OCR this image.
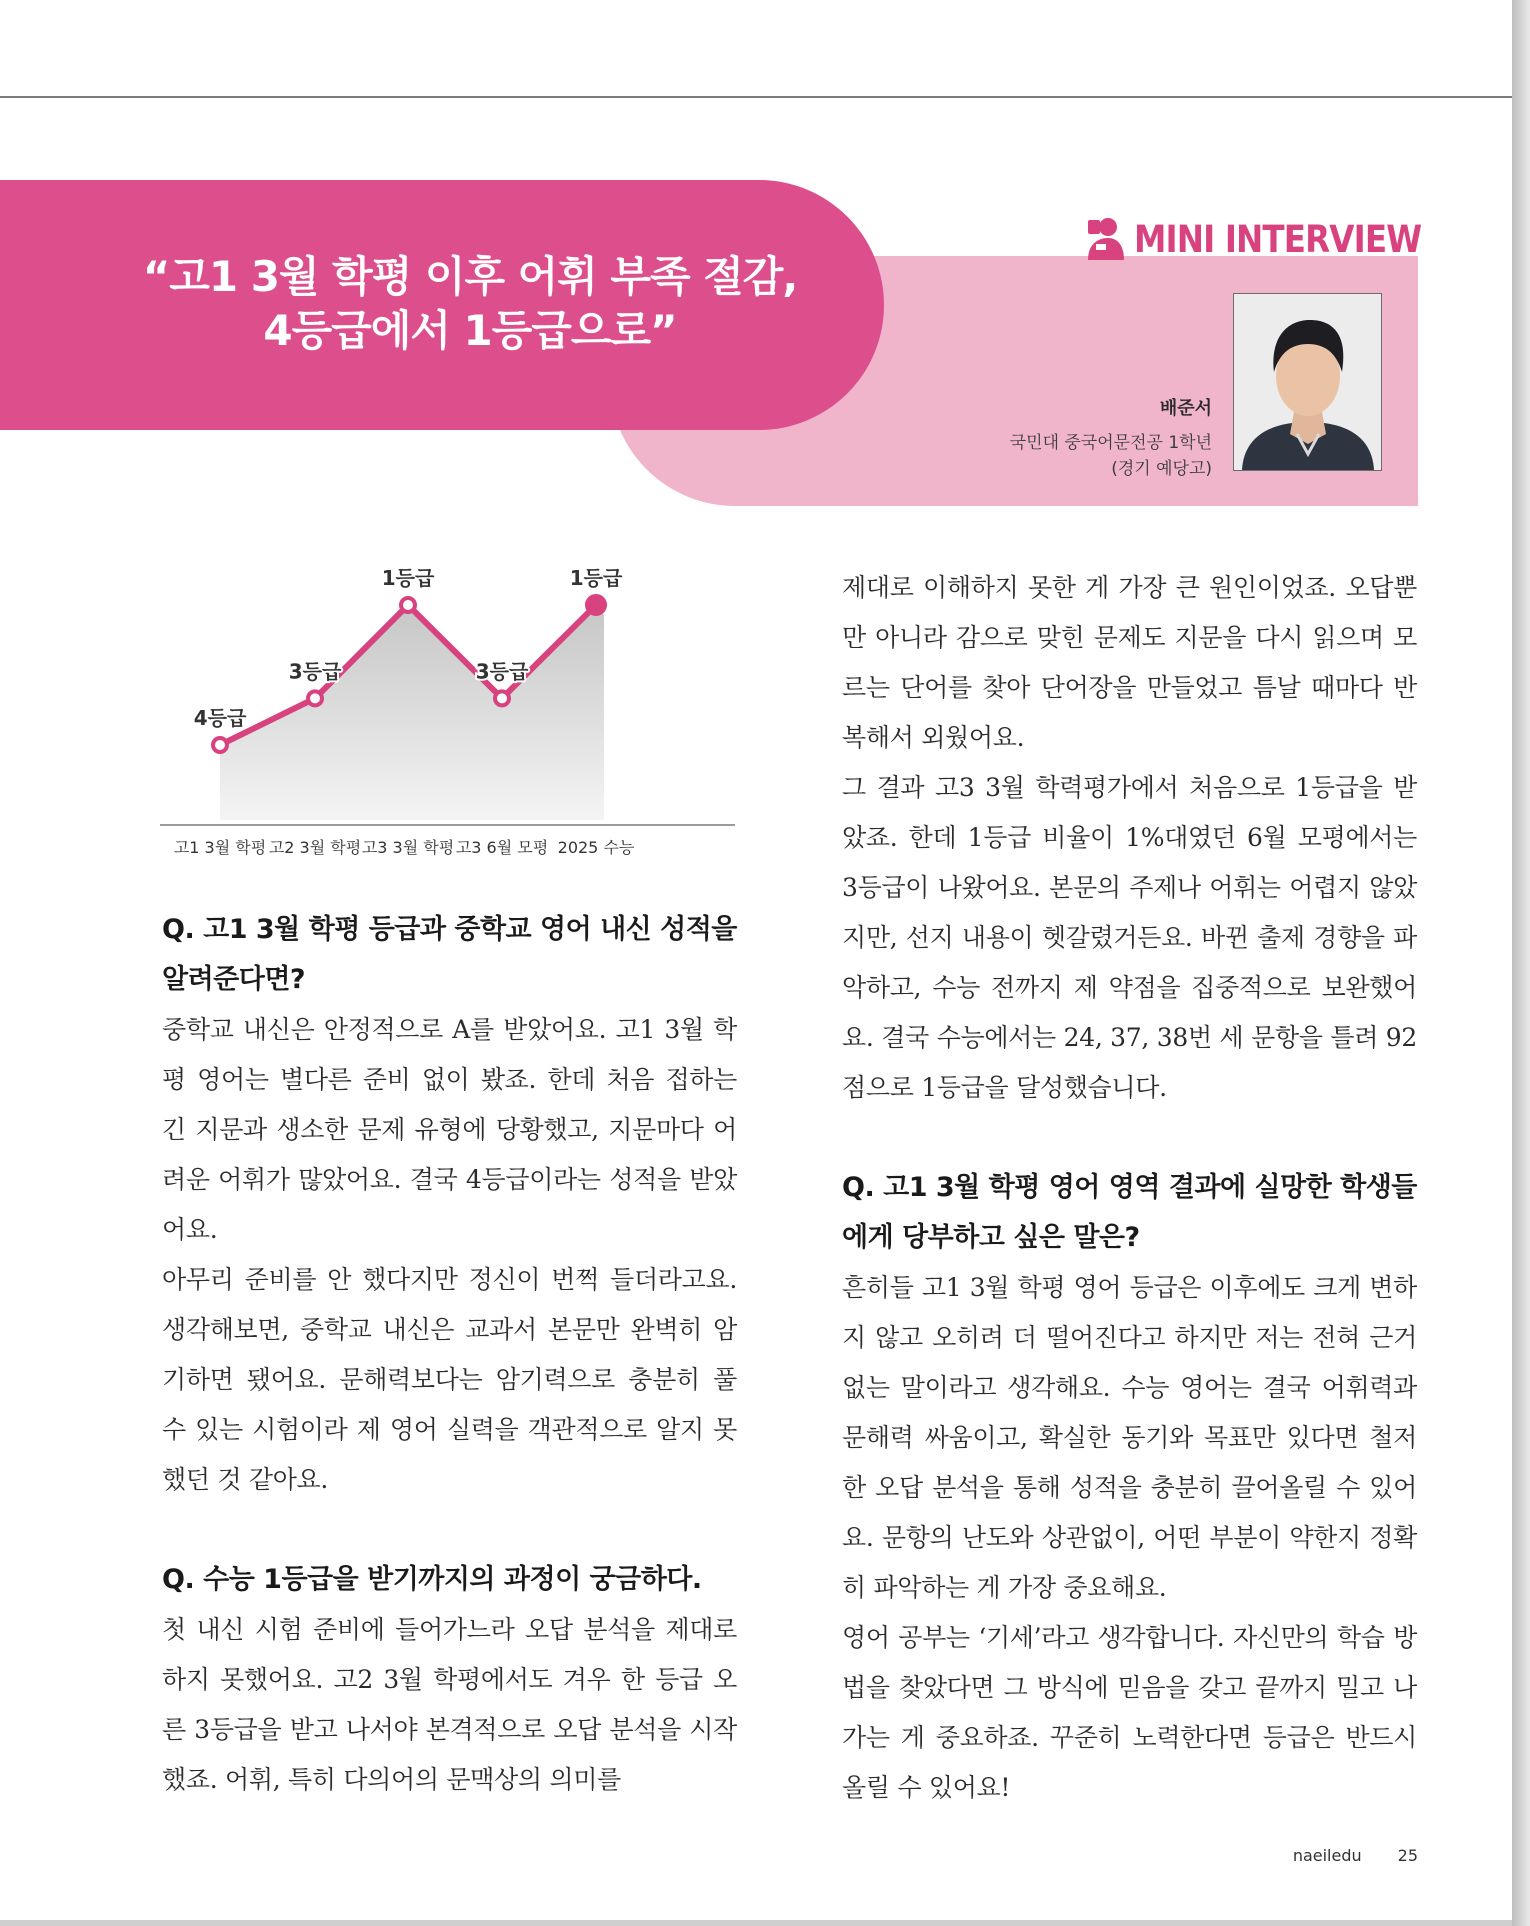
“고1 3월 학평 이후 어휘 부족 절감,
4등급에서 1등급으로”
MINI INTERVIEW
배준서
국민대 중국어문전공 1학년
(경기 예당고)
4등급
고1 3월 학평
3등급
고2 3월 학평
1등급
고3 3월 학평
3등급
고3 6월 모평
1등급
2025 수능

Q. 고1 3월 학평 등급과 중학교 영어 내신 성적을 알려준다면?

중학교 내신은 안정적으로 A를 받았어요. 고1 3월 학평 영어는 별다른 준비 없이 봤죠. 한데 처음 접하는 긴 지문과 생소한 문제 유형에 당황했고, 지문마다 어려운 어휘가 많았어요. 결국 4등급이라는 성적을 받았어요.

아무리 준비를 안 했다지만 정신이 번쩍 들더라고요. 생각해보면, 중학교 내신은 교과서 본문만 완벽히 암기하면 됐어요. 문해력보다는 암기력으로 충분히 풀 수 있는 시험이라 제 영어 실력을 객관적으로 알지 못했던 것 같아요.

Q. 수능 1등급을 받기까지의 과정이 궁금하다.

첫 내신 시험 준비에 들어가느라 오답 분석을 제대로 하지 못했어요. 고2 3월 학평에서도 겨우 한 등급 오른 3등급을 받고 나서야 본격적으로 오답 분석을 시작했죠. 어휘, 특히 다의어의 문맥상의 의미를

제대로 이해하지 못한 게 가장 큰 원인이었죠. 오답뿐만 아니라 감으로 맞힌 문제도 지문을 다시 읽으며 모르는 단어를 찾아 단어장을 만들었고 틈날 때마다 반복해서 외웠어요.

그 결과 고3 3월 학력평가에서 처음으로 1등급을 받았죠. 한데 1등급 비율이 1%대였던 6월 모평에서는 3등급이 나왔어요. 본문의 주제나 어휘는 어렵지 않았지만, 선지 내용이 헷갈렸거든요. 바뀐 출제 경향을 파악하고, 수능 전까지 제 약점을 집중적으로 보완했어요. 결국 수능에서는 24, 37, 38번 세 문항을 틀려 92점으로 1등급을 달성했습니다.

Q. 고1 3월 학평 영어 영역 결과에 실망한 학생들에게 당부하고 싶은 말은?

흔히들 고1 3월 학평 영어 등급은 이후에도 크게 변하지 않고 오히려 더 떨어진다고 하지만 저는 전혀 근거 없는 말이라고 생각해요. 수능 영어는 결국 어휘력과 문해력 싸움이고, 확실한 동기와 목표만 있다면 철저한 오답 분석을 통해 성적을 충분히 끌어올릴 수 있어요. 문항의 난도와 상관없이, 어떤 부분이 약한지 정확히 파악하는 게 가장 중요해요.

영어 공부는 ‘기세’라고 생각합니다. 자신만의 학습 방법을 찾았다면 그 방식에 믿음을 갖고 끝까지 밀고 나가는 게 중요하죠. 꾸준히 노력한다면 등급은 반드시 올릴 수 있어요!

naeiledu 25
